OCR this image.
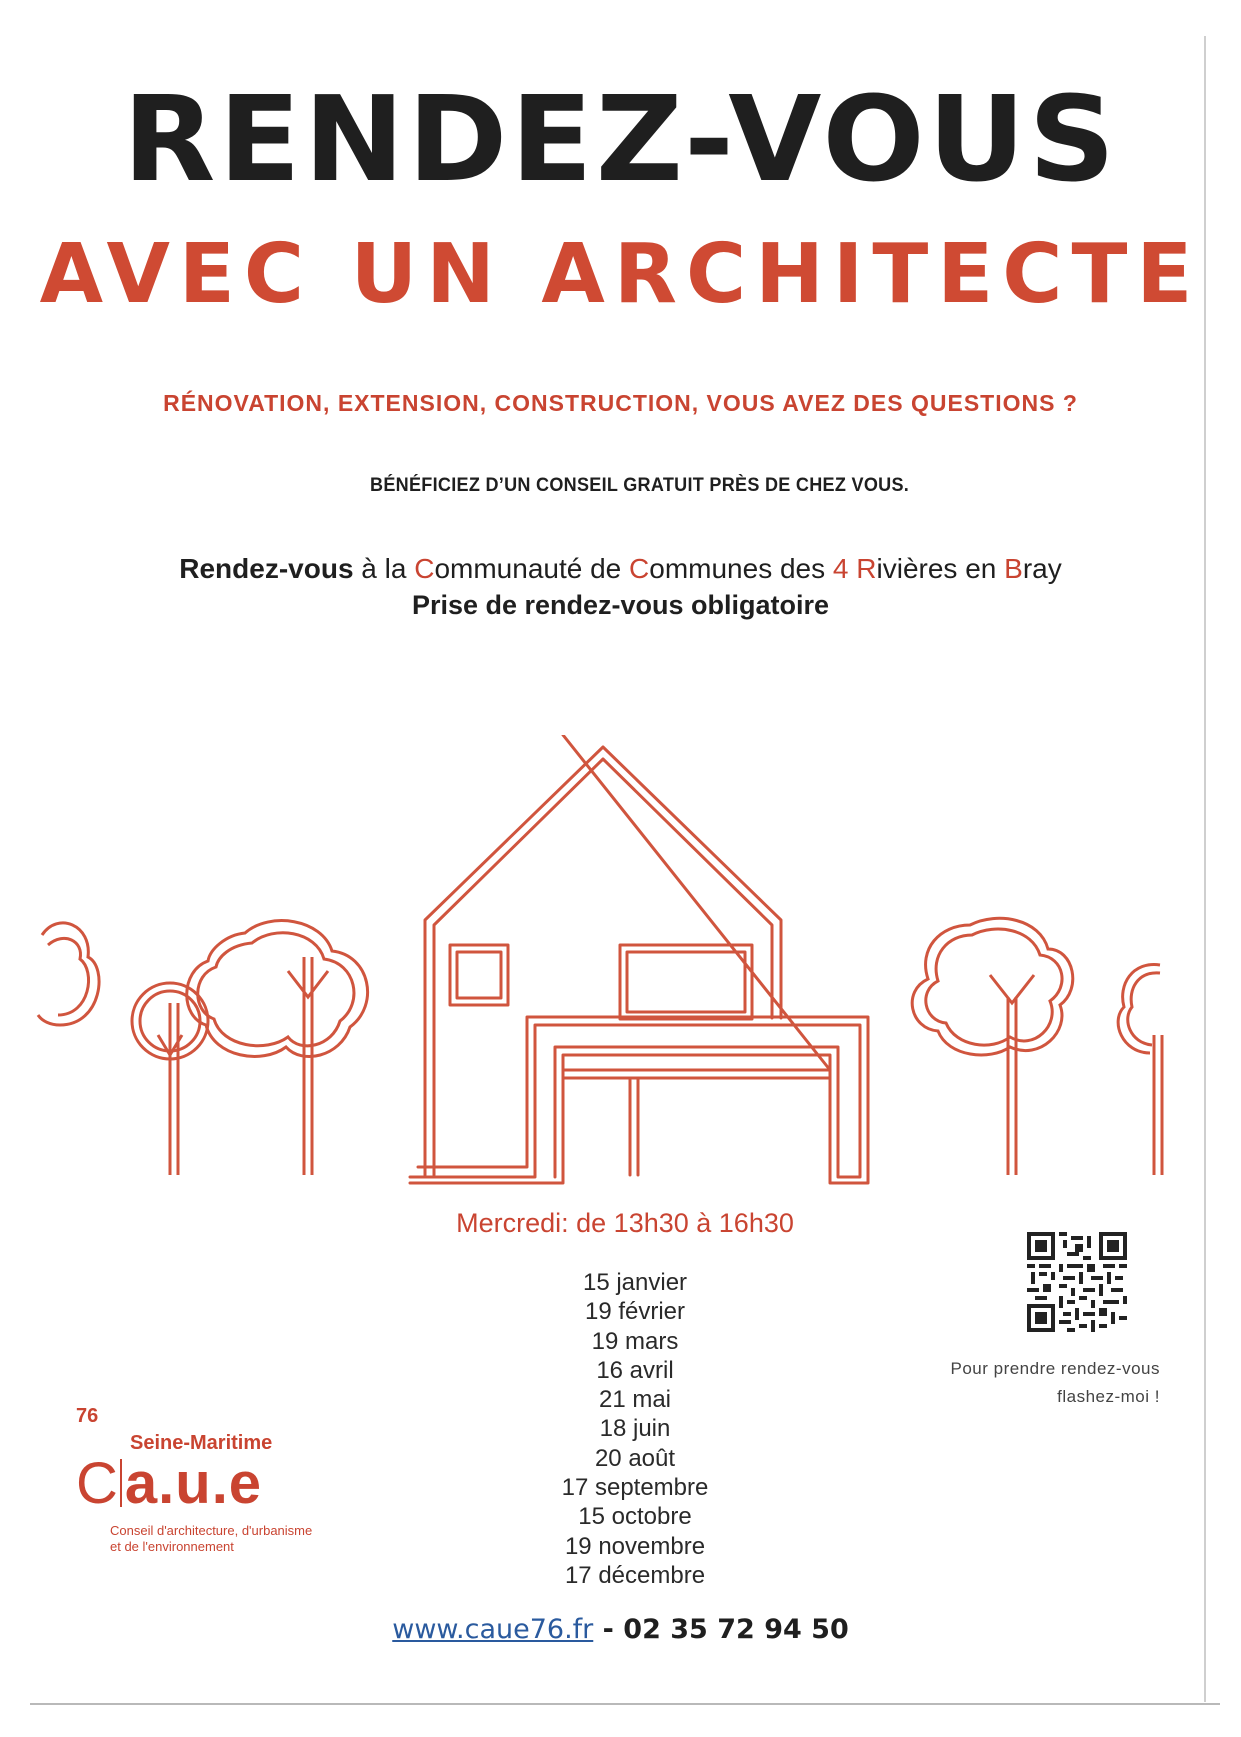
RENDEZ-VOUS
AVEC UN ARCHITECTE
RÉNOVATION, EXTENSION, CONSTRUCTION, VOUS AVEZ DES QUESTIONS ?
BÉNÉFICIEZ D’UN CONSEIL GRATUIT PRÈS DE CHEZ VOUS.
Rendez-vous à la Communauté de Communes des 4 Rivières en Bray
Prise de rendez-vous obligatoire
Mercredi: de 13h30 à 16h30
15 janvier
19 février
19 mars
16 avril
21 mai
18 juin
20 août
17 septembre
15 octobre
19 novembre
17 décembre
Pour prendre rendez-vous
flashez-moi !
76
Seine-Maritime
C a.u.e
Conseil d'architecture, d'urbanisme
et de l'environnement
www.caue76.fr - 02 35 72 94 50
